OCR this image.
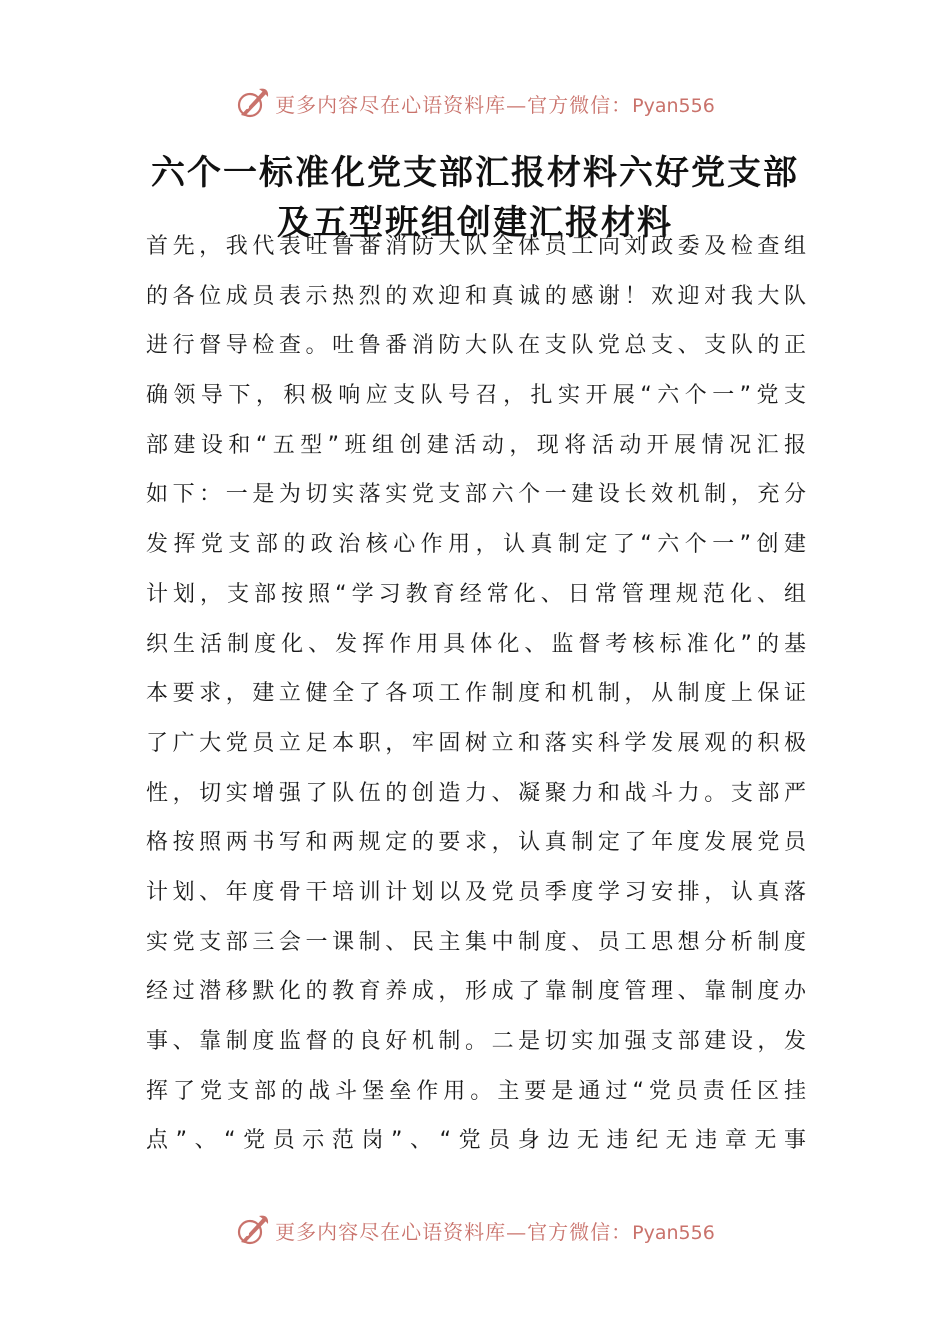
更多内容尽在心语资料库—官方微信：Pyan556
六个一标准化党支部汇报材料六好党支部
及五型班组创建汇报材料
首先，我代表吐鲁番消防大队全体员工向刘政委及检查组
的各位成员表示热烈的欢迎和真诚的感谢！欢迎对我大队
进行督导检查。吐鲁番消防大队在支队党总支、支队的正
确领导下，积极响应支队号召，扎实开展“六个一”党支
部建设和“五型”班组创建活动，现将活动开展情况汇报
如下：一是为切实落实党支部六个一建设长效机制，充分
发挥党支部的政治核心作用，认真制定了“六个一”创建
计划，支部按照“学习教育经常化、日常管理规范化、组
织生活制度化、发挥作用具体化、监督考核标准化”的基
本要求，建立健全了各项工作制度和机制，从制度上保证
了广大党员立足本职，牢固树立和落实科学发展观的积极
性，切实增强了队伍的创造力、凝聚力和战斗力。支部严
格按照两书写和两规定的要求，认真制定了年度发展党员
计划、年度骨干培训计划以及党员季度学习安排，认真落
实党支部三会一课制、民主集中制度、员工思想分析制度
经过潜移默化的教育养成，形成了靠制度管理、靠制度办
事、靠制度监督的良好机制。二是切实加强支部建设，发
挥了党支部的战斗堡垒作用。主要是通过“党员责任区挂
点”、“党员示范岗”、“党员身边无违纪无违章无事
更多内容尽在心语资料库—官方微信：Pyan556
